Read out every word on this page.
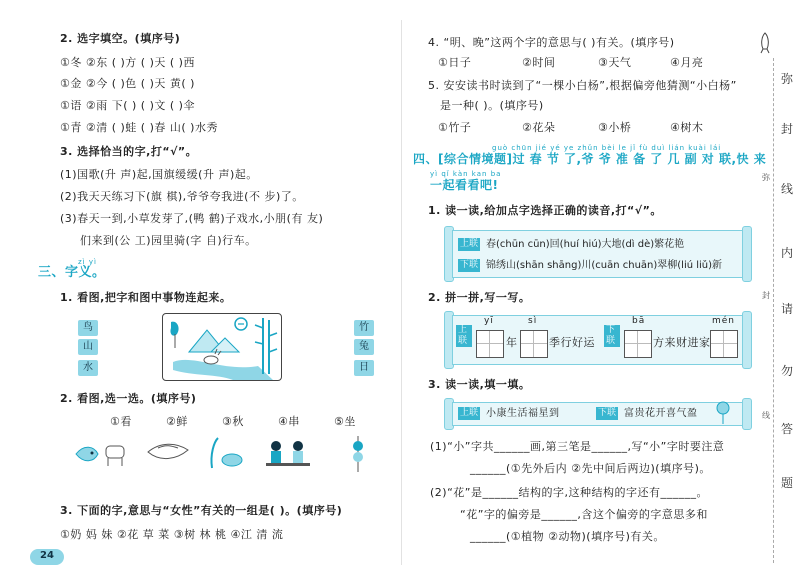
2. 选字填空。(填序号)
①冬 ②东 ( )方 ( )天 ( )西
①金 ②今 ( )色 ( )天 黄( )
①语 ②雨 下( ) ( )文 ( )伞
①青 ②清 ( )蛙 ( )春 山( )水秀
3. 选择恰当的字,打“√”。
(1)国歌(升 声)起,国旗缓缓(升 声)起。
(2)我天天练习下(旗 棋),爷爷夸我进(不 步)了。
(3)春天一到,小草发芽了,(鸭 鹤)子戏水,小朋(有 友)
们来到(公 工)园里骑(字 自)行车。
zì yì
三、字义。
1. 看图,把字和图中事物连起来。
鸟
山
水
竹
兔
日
2. 看图,选一选。(填序号)
①看	②鲜	③秋	④串	⑤坐
3. 下面的字,意思与“女性”有关的一组是( )。(填序号)
①奶 妈 妹 ②花 草 菜 ③树 林 桃 ④江 清 流
24
4. “明、晚”这两个字的意思与( )有关。(填序号)
①日子	②时间	③天气	④月亮
5. 安安读书时读到了“一棵小白杨”,根据偏旁他猜测“小白杨”
是一种( )。(填序号)
①竹子	②花朵	③小桥	④树木
guò chūn jié yé ye zhǔn bèi le jǐ fù duì lián kuài lái
四、[综合情境题]过 春 节 了,爷 爷 准 备 了 几 副 对 联,快 来
yì qǐ kàn kan ba
一起看看吧!
1. 读一读,给加点字选择正确的读音,打“√”。
上联 春(chūn cūn)回(huí hiú)大地(dì dè)繁花艳
下联 锦绣山(shān shāng)川(cuān chuān)翠柳(liú liǔ)新
2. 拼一拼,写一写。
上联
yī
年
sì
季行好运
下联
bā
方来财进家
mén
3. 读一读,填一填。
上联 小康生活福星到	下联 富贵花开喜气盈
(1)“小”字共______画,第三笔是______,写“小”字时要注意
______(①先外后内 ②先中间后两边)(填序号)。
(2)“花”是______结构的字,这种结构的字还有______。
“花”字的偏旁是______,含这个偏旁的字意思多和
______(①植物 ②动物)(填序号)有关。
弥
封
线
内
请
勿
答
题
弥
封
线
